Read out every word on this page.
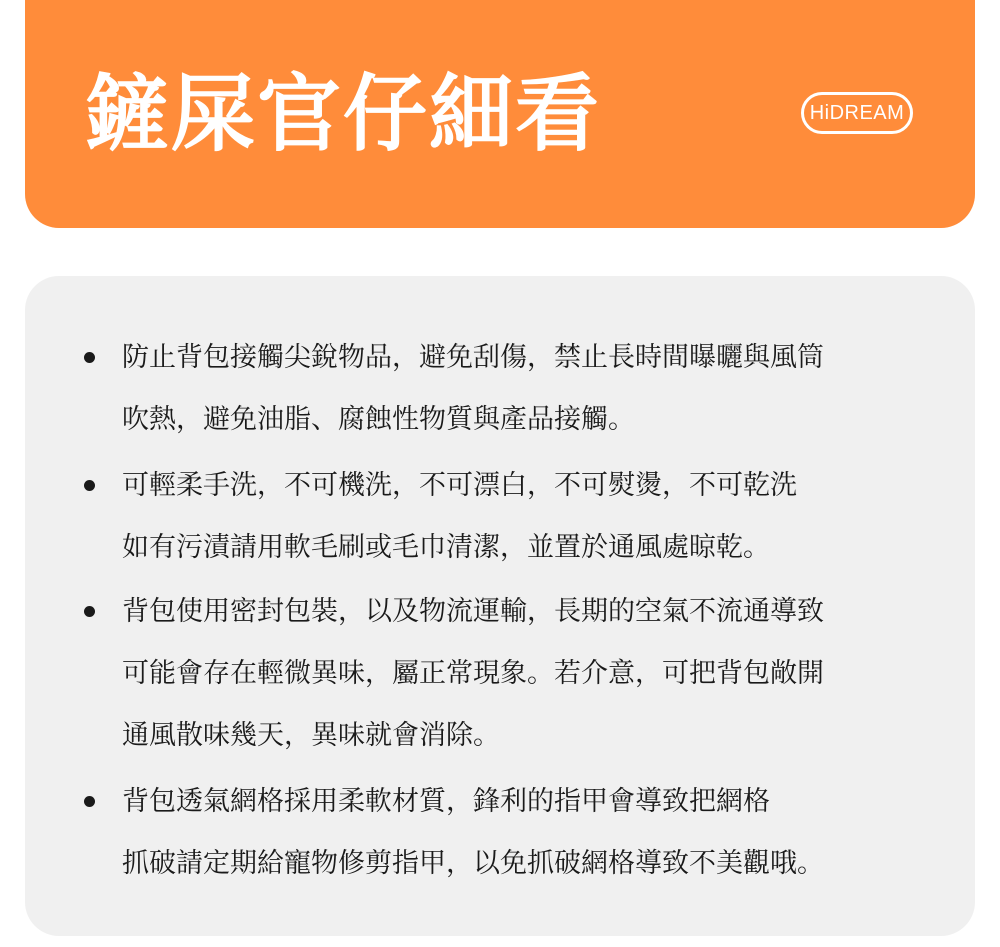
鏟屎官仔細看	HiDREAM
防止背包接觸尖銳物品，避免刮傷，禁止長時間曝曬與風筒
吹熱，避免油脂、腐蝕性物質與產品接觸。
可輕柔手洗，不可機洗，不可漂白，不可熨燙，不可乾洗
如有污漬請用軟毛刷或毛巾清潔，並置於通風處晾乾。
背包使用密封包裝，以及物流運輸，長期的空氣不流通導致
可能會存在輕微異味，屬正常現象。若介意，可把背包敞開
通風散味幾天，異味就會消除。
背包透氣網格採用柔軟材質，鋒利的指甲會導致把網格
抓破請定期給寵物修剪指甲，以免抓破網格導致不美觀哦。
